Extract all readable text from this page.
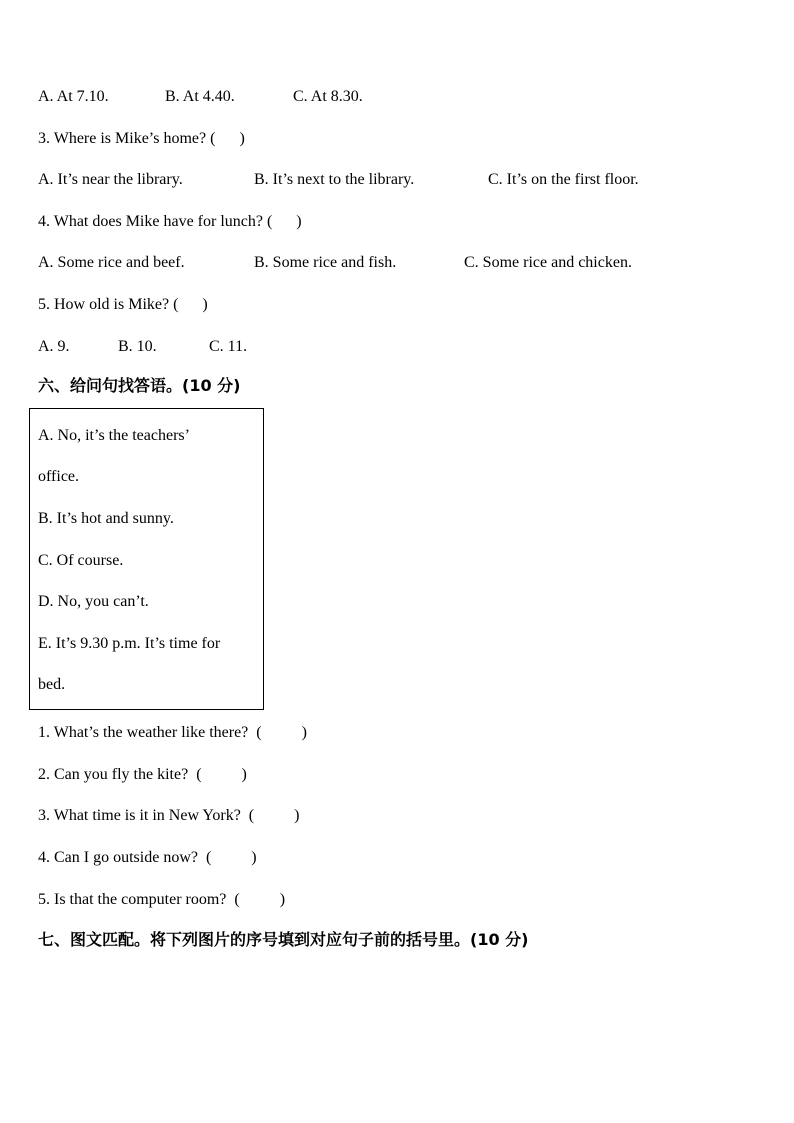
A. At 7.10.	B. At 4.40.	C. At 8.30.
3. Where is Mike’s home? (      )
A. It’s near the library.	B. It’s next to the library.	C. It’s on the first floor.
4. What does Mike have for lunch? (      )
A. Some rice and beef.	B. Some rice and fish.	C. Some rice and chicken.
5. How old is Mike? (      )
A. 9.	B. 10.	C. 11.
六、给问句找答语。(10 分)
A. No, it’s the teachers’
office.
B. It’s hot and sunny.
C. Of course.
D. No, you can’t.
E. It’s 9.30 p.m. It’s time for
bed.
1. What’s the weather like there?  (          )
2. Can you fly the kite?  (          )
3. What time is it in New York?  (          )
4. Can I go outside now?  (          )
5. Is that the computer room?  (          )
七、图文匹配。将下列图片的序号填到对应句子前的括号里。(10 分)
